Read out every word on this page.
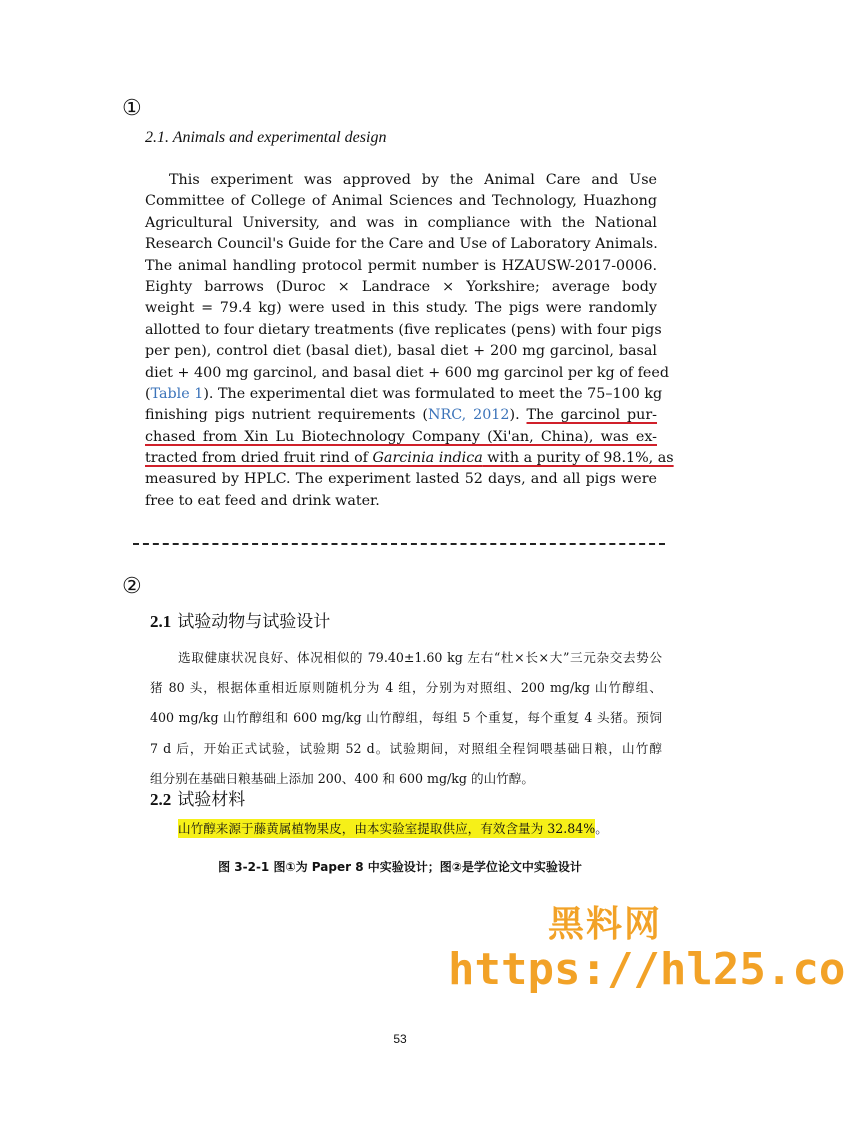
①
2.1. Animals and experimental design
This experiment was approved by the Animal Care and Use
Committee of College of Animal Sciences and Technology, Huazhong
Agricultural University, and was in compliance with the National
Research Council's Guide for the Care and Use of Laboratory Animals.
The animal handling protocol permit number is HZAUSW-2017-0006.
Eighty barrows (Duroc × Landrace × Yorkshire; average body
weight = 79.4 kg) were used in this study. The pigs were randomly
allotted to four dietary treatments (five replicates (pens) with four pigs
per pen), control diet (basal diet), basal diet + 200 mg garcinol, basal
diet + 400 mg garcinol, and basal diet + 600 mg garcinol per kg of feed
(Table 1). The experimental diet was formulated to meet the 75–100 kg
finishing pigs nutrient requirements (NRC, 2012). The garcinol pur-
chased from Xin Lu Biotechnology Company (Xi'an, China), was ex-
tracted from dried fruit rind of Garcinia indica with a purity of 98.1%, as
measured by HPLC. The experiment lasted 52 days, and all pigs were
free to eat feed and drink water.
②
2.1 试验动物与试验设计
选取健康状况良好、体况相似的 79.40±1.60 kg 左右“杜×长×大”三元杂交去势公
猪 80 头，根据体重相近原则随机分为 4 组，分别为对照组、200 mg/kg 山竹醇组、
400 mg/kg 山竹醇组和 600 mg/kg 山竹醇组，每组 5 个重复，每个重复 4 头猪。预饲
7 d 后，开始正式试验，试验期 52 d。试验期间，对照组全程饲喂基础日粮，山竹醇
组分别在基础日粮基础上添加 200、400 和 600 mg/kg 的山竹醇。
2.2 试验材料
山竹醇来源于藤黄属植物果皮，由本实验室提取供应，有效含量为 32.84%。
图 3-2-1 图①为 Paper 8 中实验设计；图②是学位论文中实验设计
黑料网
https://hl25.co
53
